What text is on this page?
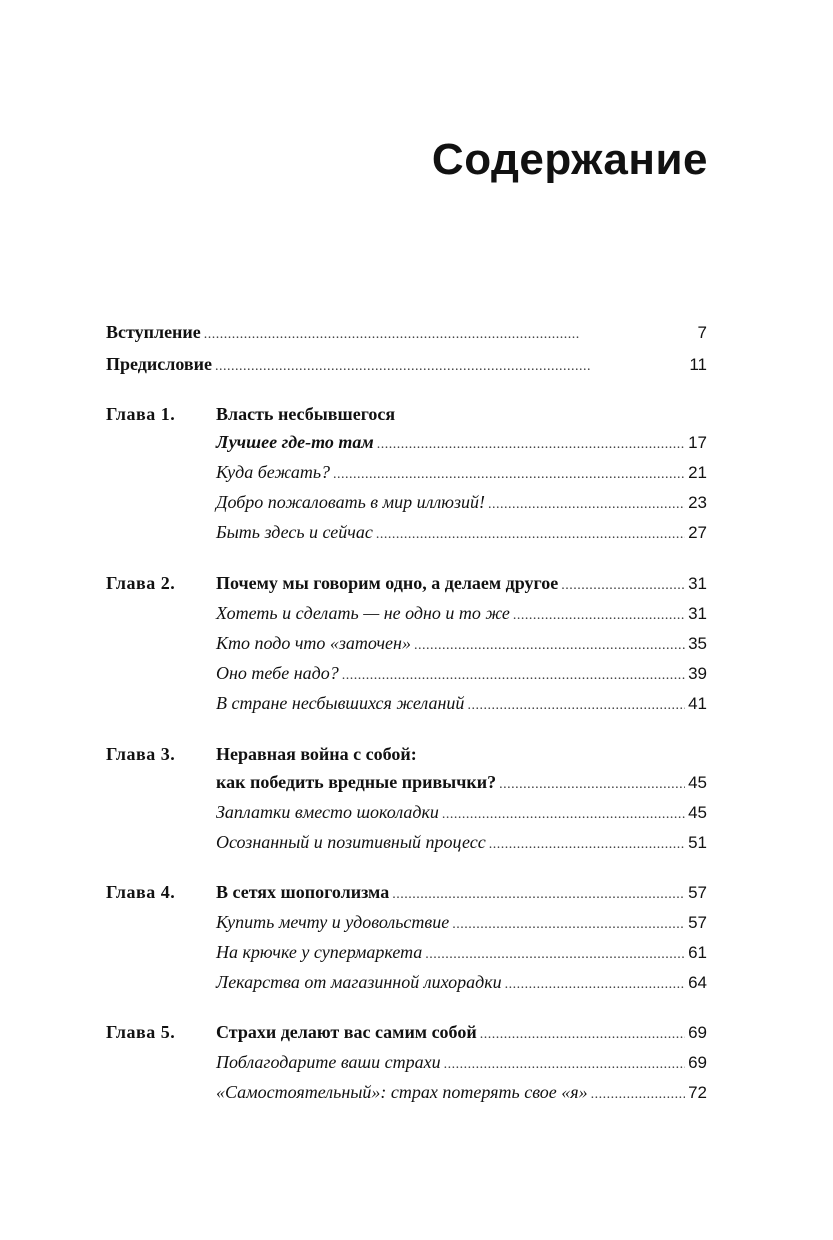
Содержание
Вступление . . .	7
Предисловие . . .	11
Глава 1. Власть несбывшегося
Лучшее где-то там . . .	17
Куда бежать? . . .	21
Добро пожаловать в мир иллюзий! . . .	23
Быть здесь и сейчас . . .	27
Глава 2. Почему мы говорим одно, а делаем другое . . .	31
Хотеть и сделать — не одно и то же . . .	31
Кто подо что «заточен» . . .	35
Оно тебе надо? . . .	39
В стране несбывшихся желаний . . .	41
Глава 3. Неравная война с собой:
как победить вредные привычки? . . .	45
Заплатки вместо шоколадки . . .	45
Осознанный и позитивный процесс . . .	51
Глава 4. В сетях шопоголизма . . .	57
Купить мечту и удовольствие . . .	57
На крючке у супермаркета . . .	61
Лекарства от магазинной лихорадки . . .	64
Глава 5. Страхи делают вас самим собой . . .	69
Поблагодарите ваши страхи . . .	69
«Самостоятельный»: страх потерять свое «я» . . .	72
